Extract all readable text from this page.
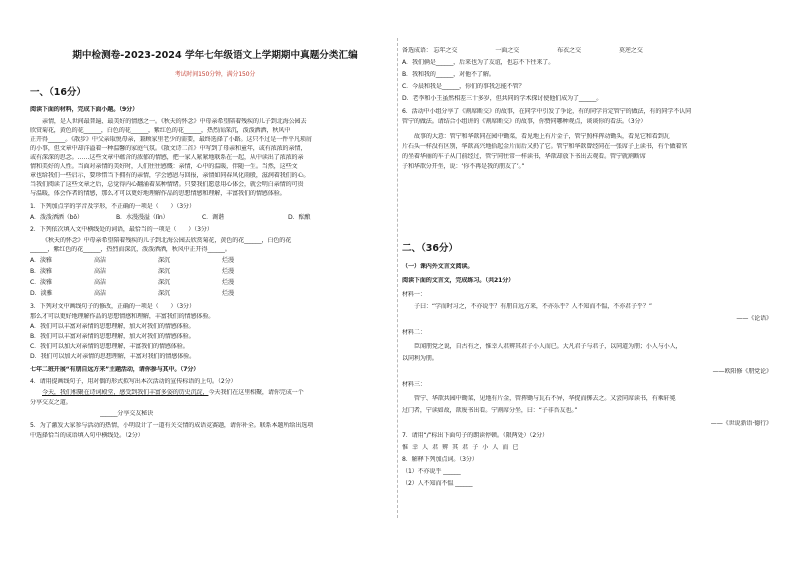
期中检测卷-2023-2024 学年七年级语文上学期期中真题分类汇编
考试时间150分钟，满分150分
一、（16分）
阅读下面的材料，完成下面小题。（9分）
亲情，是人世间最普遍、最美好的情感之一。《秋天的怀念》中母亲希望陪着残疾的儿子到北海公园去
欣赏菊花，黄色的花______，白色的花______，紫红色的花______，热烈而深沉，泼泼洒洒，秋风中
正开得______。《散步》中父亲取悦母亲，兼顾家里老少的需要，最终选择了小路。这只不过是一件平凡琐屑
的小事，但文章中却洋溢着一种温馨的家庭气氛。《散文诗二首》中写到了母亲和童年，或有浓浓的亲情，
或有深深的思念。……这些文章中蕴含的浓郁的情感，把一家人紧紧地联系在一起，从中读出了浓浓的亲
情和美好的人性。当面对亲情的美好时，人们往往感慨：亲情，心中的温暖，伴随一生。当然，这些文
章也给我们一些启示，要珍惜当下拥有的亲情，学会感恩与回报，亲情如同春风化雨般，滋润着我们的心。
当我们阅读了这些文章之后，总觉得内心翻涌着某种情绪。只要我们愿意用心体会，就会明白亲情的可贵
与温暖，体会作者的情感，那么才可以更好地理解作品的思想情感和理解，丰富我们的情感体验。
1．下列加点字的字音及字形，不正确的一项是（　　）（3分）
A．泼泼洒洒（bō）	B．水漫漫溢（Iǐn）	C．调谐	D．酝酿
2．下列依次填入文中横线处的词语，最恰当的一项是（　　）（3分）
《秋天的怀念》中母亲希望陪着残疾的儿子到北海公园去欣赏菊花，黄色的花______，白色的花
______，紫红色的花______，热烈而深沉，泼泼洒洒，秋风中正开得______。
A．淡雅	高洁	深沉	烂漫
B．淡雅	高洁	深沉	烂漫
C．淡雅	高洁	深沉	烂漫
D．淡雅	高洁	深沉	烂漫
3．下列对文中画线句子的修改，正确的一项是（　　）（3分）
那么才可以更好地理解作品的思想情感和理解，丰富我们的情感体验。
A．我们可以丰富对亲情的思想理解，加大对我们的情感体验。
B．我们可以丰富对亲情的思想理解，加大对我们的情感体验。
C．我们可以加大对亲情的思想理解，丰富我们的情感体验。
D．我们可以加大对亲情的思想理解，丰富对我们的情感体验。
七年二班开展“有朋自远方来”主题活动，请你参与其中。（7分）
4．请用提画线句子，用对偶的形式拟写出本次活动的宣传标语的上句。（2分）
今天，我们相聚在诗词殿堂，感受到我们丰富多姿的历史沉淀，今天我们在这里相聚，请你完成一个
分享交友之道。
______分享交友秘诀
5．为了激发大家参与活动的热情，小明设计了一道有关交情的成语竞赛题，请你补全。联系本题所给出选项
中选择恰当的成语填入句中横线处。（2分）
备选成语： 忘年之交	一面之交	布衣之交	莫逆之交
A．我们俩是______，后来也为了友谊，也忘不下往来了。
B．我和我的______，对他不了解。
C．今晨和我是______，你们的事我怎能不管？
D．老李和小王虽然相差三十多岁，但共同的学术探讨使他们成为了______。
6．活动中小组分享了《割席断交》的故事，在同学中引发了争论，有的同学肯定管宁的做法，有的同学不认同
管宁的做法。请结合小组讲的《割席断交》的故事，你赞同哪种观点，谈谈你的看法。（3分）
故事的大意：管宁和华歆同在园中锄菜，看见地上有片金子，管宁照样挥动锄头，看见它和看到瓦
片石头一样没有区别，华歆高兴地拾起金片而后又扔了它。管宁和华歆曾经同在一张席子上读书，有个做着官
的坐着华丽的车子从门前经过，管宁同往常一样读书，华歆却放下书出去观看。管宁就割断席
子和华歆分开坐，说：‘你不再是我的朋友了’。”
二、（36分）
（一）课内外文言文阅读。
阅读下面的文言文，完成练习。（共21分）
材料一：
子曰：“学而时习之，不亦说乎？有朋自远方来，不亦乐乎？人不知而不愠，不亦君子乎？”
——《论语》
材料二：
臣闻朋党之说，自古有之，惟幸人君辨其君子小人而已。大凡君子与君子，以同道为朋；小人与小人，
以同利为朋。
——欧阳修《朋党论》
材料三：
管宁、华歆共园中锄菜，见地有片金，管挥锄与瓦石不异，华捉而掷去之。又尝同席读书，有乘轩冕
过门者，宁读如故，歆废书出看。宁割席分坐，曰：“子非吾友也。”
——《世说新语·德行》
7．请用“/”标出下面句子的朗读停顿。（限两处）（2分）
惟 幸 人 君 辨 其 君 子 小 人 而 已
8．解释下列加点词。（3分）
（1）不亦说乎 ______
（2）人不知而不愠 ______
